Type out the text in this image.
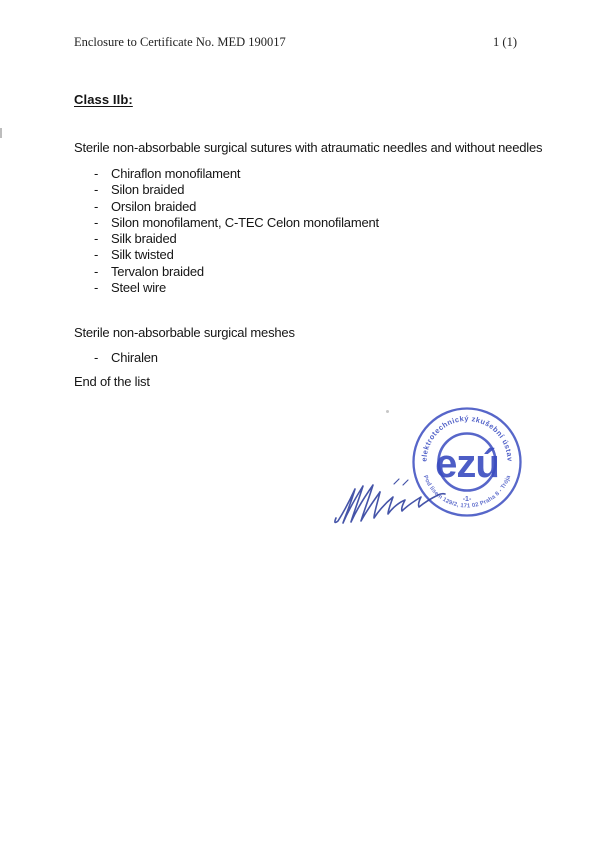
Enclosure to Certificate No. MED 190017	1 (1)
Class IIb:
Sterile non-absorbable surgical sutures with atraumatic needles and without needles
- Chiraflon monofilament
- Silon braided
- Orsilon braided
- Silon monofilament, C-TEC Celon monofilament
- Silk braided
- Silk twisted
- Tervalon braided
- Steel wire
Sterile non-absorbable surgical meshes
- Chiralen
End of the list
elektrotechnický zkušební ústav
Pod lisem 129/2, 171 02 Praha 8 - Trója
ezú
-1-
